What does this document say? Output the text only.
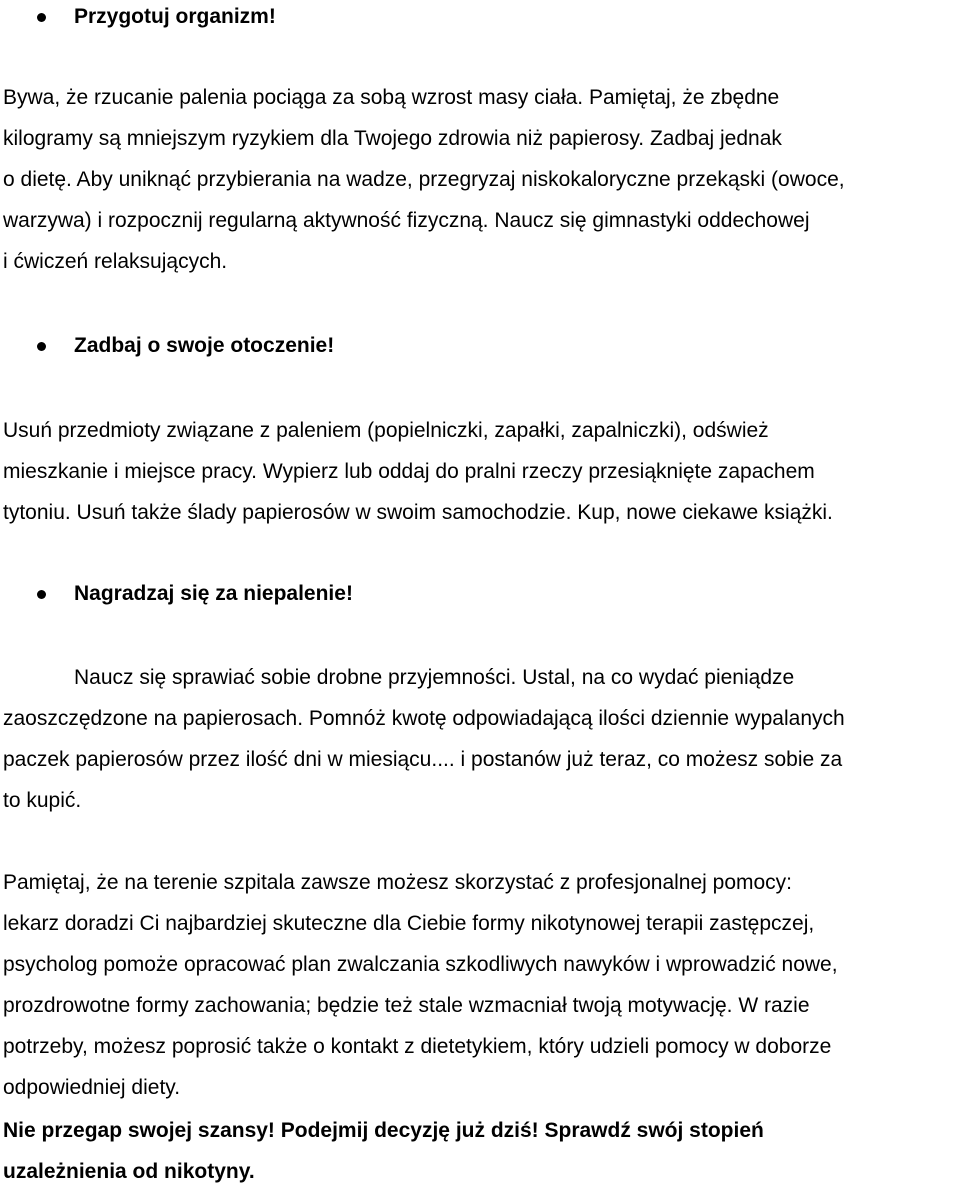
Przygotuj organizm!
Bywa, że rzucanie palenia pociąga za sobą wzrost masy ciała. Pamiętaj, że zbędne
kilogramy są mniejszym ryzykiem dla Twojego zdrowia niż papierosy. Zadbaj jednak
o dietę. Aby uniknąć przybierania na wadze, przegryzaj niskokaloryczne przekąski (owoce,
warzywa) i rozpocznij regularną aktywność fizyczną. Naucz się gimnastyki oddechowej
i ćwiczeń relaksujących.
Zadbaj o swoje otoczenie!
Usuń przedmioty związane z paleniem (popielniczki, zapałki, zapalniczki), odśwież
mieszkanie i miejsce pracy. Wypierz lub oddaj do pralni rzeczy przesiąknięte zapachem
tytoniu. Usuń także ślady papierosów w swoim samochodzie. Kup, nowe ciekawe książki.
Nagradzaj się za niepalenie!
Naucz się sprawiać sobie drobne przyjemności. Ustal, na co wydać pieniądze
zaoszczędzone na papierosach. Pomnóż kwotę odpowiadającą ilości dziennie wypalanych
paczek papierosów przez ilość dni w miesiącu.... i postanów już teraz, co możesz sobie za
to kupić.
Pamiętaj, że na terenie szpitala zawsze możesz skorzystać z profesjonalnej pomocy:
lekarz doradzi Ci najbardziej skuteczne dla Ciebie formy nikotynowej terapii zastępczej,
psycholog pomoże opracować plan zwalczania szkodliwych nawyków i wprowadzić nowe,
prozdrowotne formy zachowania; będzie też stale wzmacniał twoją motywację. W razie
potrzeby, możesz poprosić także o kontakt z dietetykiem, który udzieli pomocy w doborze
odpowiedniej diety.
Nie przegap swojej szansy! Podejmij decyzję już dziś! Sprawdź swój stopień
uzależnienia od nikotyny.
